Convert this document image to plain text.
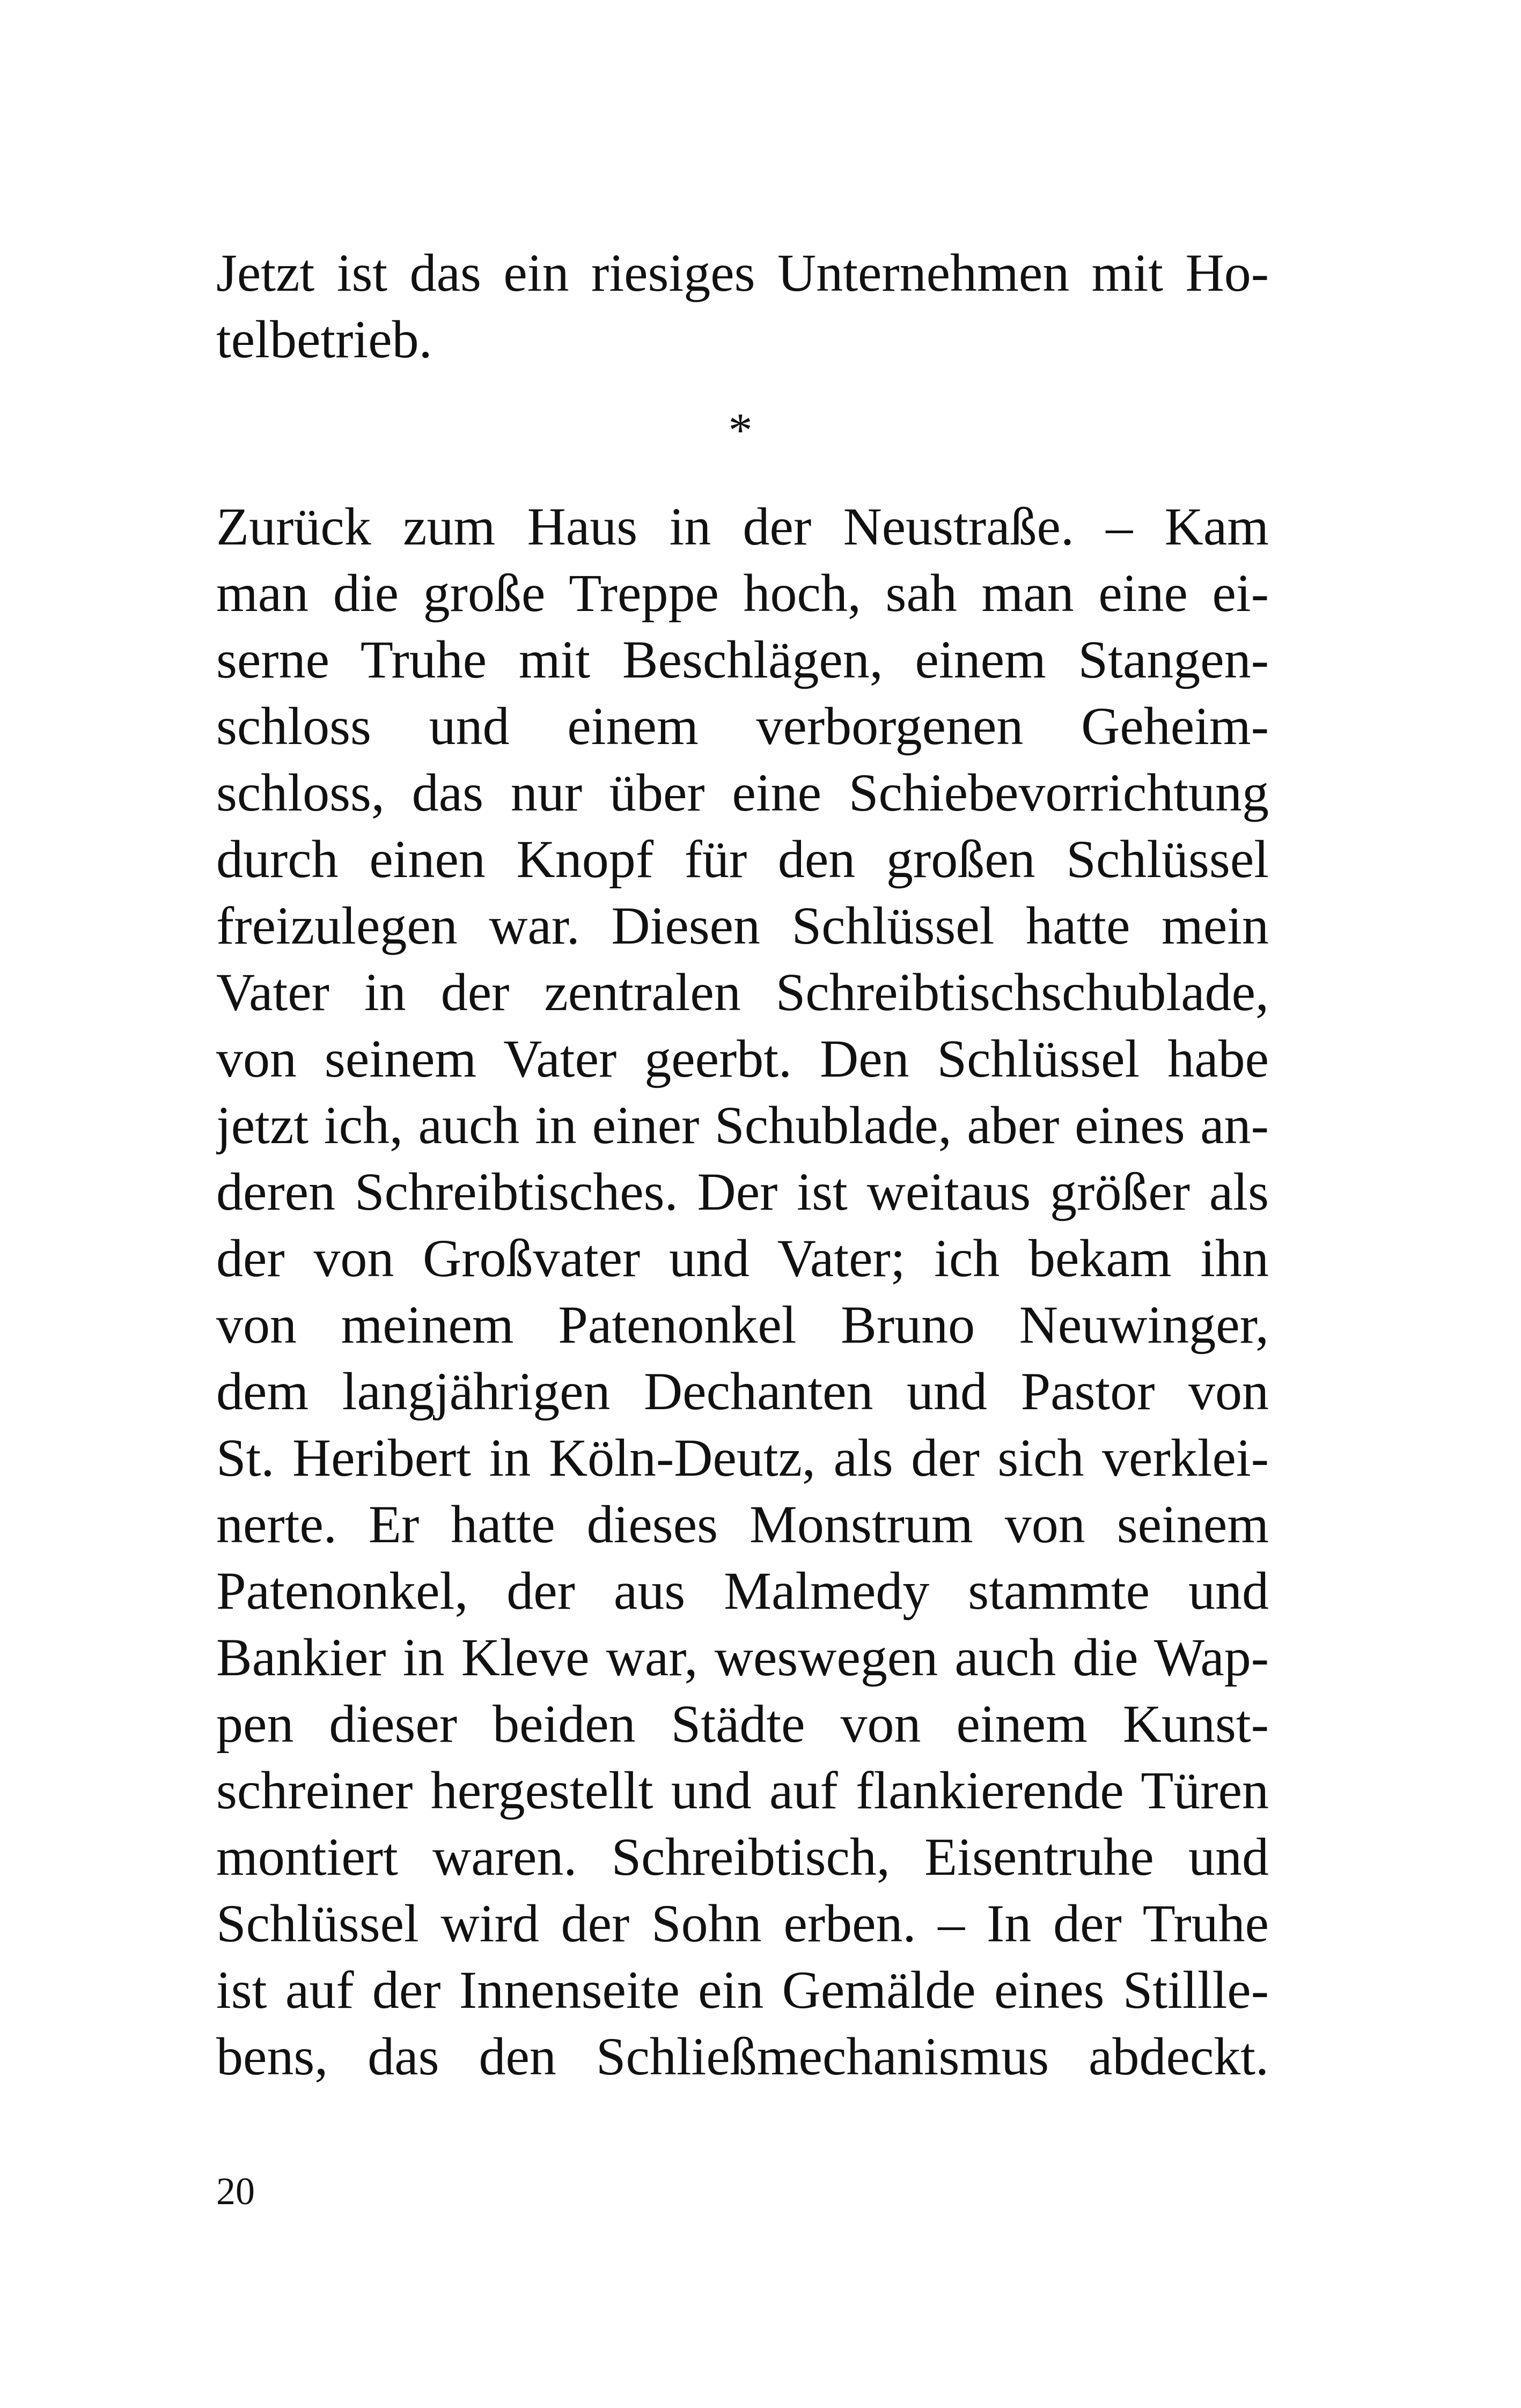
Jetzt ist das ein riesiges Unternehmen mit Ho-
telbetrieb.
*
Zurück zum Haus in der Neustraße. – Kam
man die große Treppe hoch, sah man eine ei-
serne Truhe mit Beschlägen, einem Stangen-
schloss und einem verborgenen Geheim-
schloss, das nur über eine Schiebevorrichtung
durch einen Knopf für den großen Schlüssel
freizulegen war. Diesen Schlüssel hatte mein
Vater in der zentralen Schreibtischschublade,
von seinem Vater geerbt. Den Schlüssel habe
jetzt ich, auch in einer Schublade, aber eines an-
deren Schreibtisches. Der ist weitaus größer als
der von Großvater und Vater; ich bekam ihn
von meinem Patenonkel Bruno Neuwinger,
dem langjährigen Dechanten und Pastor von
St. Heribert in Köln-Deutz, als der sich verklei-
nerte. Er hatte dieses Monstrum von seinem
Patenonkel, der aus Malmedy stammte und
Bankier in Kleve war, weswegen auch die Wap-
pen dieser beiden Städte von einem Kunst-
schreiner hergestellt und auf flankierende Türen
montiert waren. Schreibtisch, Eisentruhe und
Schlüssel wird der Sohn erben. – In der Truhe
ist auf der Innenseite ein Gemälde eines Stillle-
bens, das den Schließmechanismus abdeckt.
20
